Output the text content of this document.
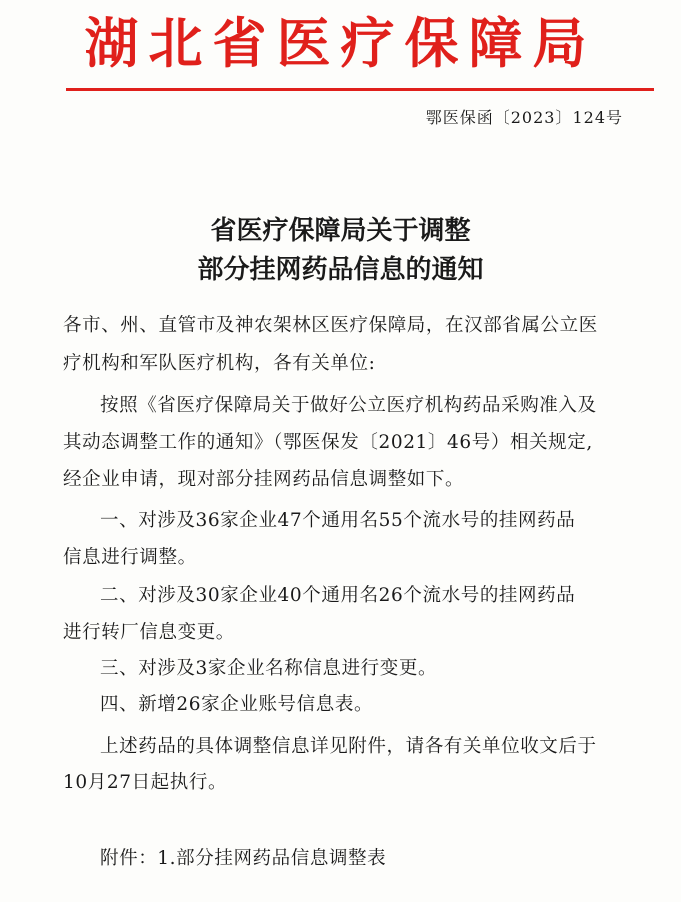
湖北省医疗保障局
鄂医保函〔2023〕124号
省医疗保障局关于调整
部分挂网药品信息的通知
各市、州、直管市及神农架林区医疗保障局，在汉部省属公立医
疗机构和军队医疗机构，各有关单位:
按照《省医疗保障局关于做好公立医疗机构药品采购准入及
其动态调整工作的通知》（鄂医保发〔2021〕46号）相关规定,
经企业申请，现对部分挂网药品信息调整如下。
一、对涉及36家企业47个通用名55个流水号的挂网药品
信息进行调整。
二、对涉及30家企业40个通用名26个流水号的挂网药品
进行转厂信息变更。
三、对涉及3家企业名称信息进行变更。
四、新增26家企业账号信息表。
上述药品的具体调整信息详见附件，请各有关单位收文后于
10月27日起执行。
附件：1.部分挂网药品信息调整表
